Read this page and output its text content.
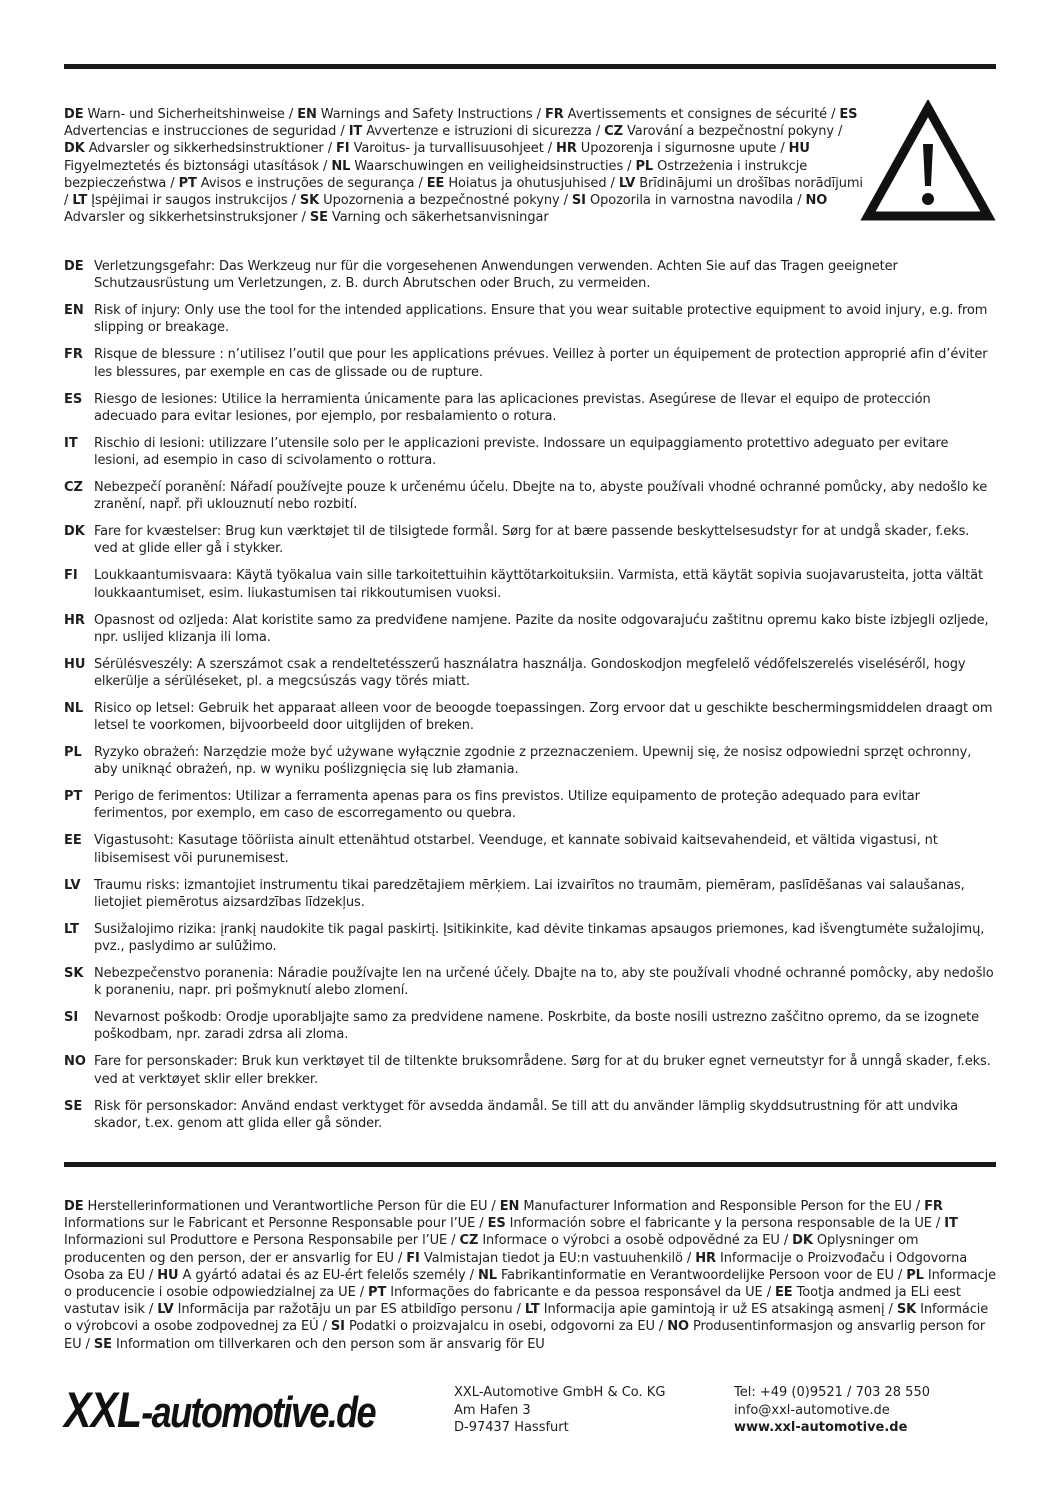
DE Warn- und Sicherheitshinweise / EN Warnings and Safety Instructions / FR Avertissements et consignes de sécurité / ES Advertencias e instrucciones de seguridad / IT Avvertenze e istruzioni di sicurezza / CZ Varování a bezpečnostní pokyny / DK Advarsler og sikkerhedsinstruktioner / FI Varoitus- ja turvallisuusohjeet / HR Upozorenja i sigurnosne upute / HU Figyelmeztetés és biztonsági utasítások / NL Waarschuwingen en veiligheidsinstructies / PL Ostrzeżenia i instrukcje bezpieczeństwa / PT Avisos e instruções de segurança / EE Hoiatus ja ohutusjuhised / LV Brīdinājumi un drošības norādījumi / LT Įspėjimai ir saugos instrukcijos / SK Upozornenia a bezpečnostné pokyny / SI Opozorila in varnostna navodila / NO Advarsler og sikkerhetsinstruksjoner / SE Varning och säkerhetsanvisningar
DE Verletzungsgefahr: Das Werkzeug nur für die vorgesehenen Anwendungen verwenden. Achten Sie auf das Tragen geeigneter Schutzausrüstung um Verletzungen, z. B. durch Abrutschen oder Bruch, zu vermeiden.
EN Risk of injury: Only use the tool for the intended applications. Ensure that you wear suitable protective equipment to avoid injury, e.g. from slipping or breakage.
FR Risque de blessure : n’utilisez l’outil que pour les applications prévues. Veillez à porter un équipement de protection approprié afin d’éviter les blessures, par exemple en cas de glissade ou de rupture.
ES Riesgo de lesiones: Utilice la herramienta únicamente para las aplicaciones previstas. Asegúrese de llevar el equipo de protección adecuado para evitar lesiones, por ejemplo, por resbalamiento o rotura.
IT	Rischio di lesioni: utilizzare l’utensile solo per le applicazioni previste. Indossare un equipaggiamento protettivo adeguato per evitare lesioni, ad esempio in caso di scivolamento o rottura.
CZ Nebezpečí poranění: Nářadí používejte pouze k určenému účelu. Dbejte na to, abyste používali vhodné ochranné pomůcky, aby nedošlo ke zranění, např. při uklouznutí nebo rozbití.
DK Fare for kvæstelser: Brug kun værktøjet til de tilsigtede formål. Sørg for at bære passende beskyttelsesudstyr for at undgå skader, f.eks. ved at glide eller gå i stykker.
FI	Loukkaantumisvaara: Käytä työkalua vain sille tarkoitettuihin käyttötarkoituksiin. Varmista, että käytät sopivia suojavarusteita, jotta vältät loukkaantumiset, esim. liukastumisen tai rikkoutumisen vuoksi.
HR Opasnost od ozljeda: Alat koristite samo za predviđene namjene. Pazite da nosite odgovarajuću zaštitnu opremu kako biste izbjegli ozljede, npr. uslijed klizanja ili loma.
HU Sérülésveszély: A szerszámot csak a rendeltetésszerű használatra használja. Gondoskodjon megfelelő védőfelszerelés viseléséről, hogy elkerülje a sérüléseket, pl. a megcsúszás vagy törés miatt.
NL Risico op letsel: Gebruik het apparaat alleen voor de beoogde toepassingen. Zorg ervoor dat u geschikte beschermingsmiddelen draagt om letsel te voorkomen, bijvoorbeeld door uitglijden of breken.
PL Ryzyko obrażeń: Narzędzie może być używane wyłącznie zgodnie z przeznaczeniem. Upewnij się, że nosisz odpowiedni sprzęt ochronny, aby uniknąć obrażeń, np. w wyniku poślizgnięcia się lub złamania.
PT Perigo de ferimentos: Utilizar a ferramenta apenas para os fins previstos. Utilize equipamento de proteção adequado para evitar ferimentos, por exemplo, em caso de escorregamento ou quebra.
EE Vigastusoht: Kasutage tööriista ainult ettenähtud otstarbel. Veenduge, et kannate sobivaid kaitsevahendeid, et vältida vigastusi, nt libisemisest või purunemisest.
LV	Traumu risks: izmantojiet instrumentu tikai paredzētajiem mērķiem. Lai izvairītos no traumām, piemēram, paslīdēšanas vai salaušanas, lietojiet piemērotus aizsardzības līdzekļus.
LT	Susižalojimo rizika: įrankį naudokite tik pagal paskirtį. Įsitikinkite, kad dėvite tinkamas apsaugos priemones, kad išvengtumėte sužalojimų, pvz., paslydimo ar sulūžimo.
SK Nebezpečenstvo poranenia: Náradie používajte len na určené účely. Dbajte na to, aby ste používali vhodné ochranné pomôcky, aby nedošlo k poraneniu, napr. pri pošmyknutí alebo zlomení.
SI	Nevarnost poškodb: Orodje uporabljajte samo za predvidene namene. Poskrbite, da boste nosili ustrezno zaščitno opremo, da se izognete poškodbam, npr. zaradi zdrsa ali zloma.
NO Fare for personskader: Bruk kun verktøyet til de tiltenkte bruksområdene. Sørg for at du bruker egnet verneutstyr for å unngå skader, f.eks. ved at verktøyet sklir eller brekker.
SE Risk för personskador: Använd endast verktyget för avsedda ändamål. Se till att du använder lämplig skyddsutrustning för att undvika skador, t.ex. genom att glida eller gå sönder.
DE Herstellerinformationen und Verantwortliche Person für die EU / EN Manufacturer Information and Responsible Person for the EU / FR Informations sur le Fabricant et Personne Responsable pour l’UE / ES Información sobre el fabricante y la persona responsable de la UE / IT Informazioni sul Produttore e Persona Responsabile per l’UE / CZ Informace o výrobci a osobě odpovědné za EU / DK Oplysninger om producenten og den person, der er ansvarlig for EU / FI Valmistajan tiedot ja EU:n vastuuhenkilö / HR Informacije o Proizvođaču i Odgovorna Osoba za EU / HU A gyártó adatai és az EU-ért felelős személy / NL Fabrikantinformatie en Verantwoordelijke Persoon voor de EU / PL Informacje o producencie i osobie odpowiedzialnej za UE / PT Informações do fabricante e da pessoa responsável da UE / EE Tootja andmed ja ELi eest vastutav isik / LV Informācija par ražotāju un par ES atbildīgo personu / LT Informacija apie gamintoją ir už ES atsakingą asmenį / SK Informácie o výrobcovi a osobe zodpovednej za EÚ / SI Podatki o proizvajalcu in osebi, odgovorni za EU / NO Produsentinformasjon og ansvarlig person for EU / SE Information om tillverkaren och den person som är ansvarig för EU
XXL-automotive.de	XXL-Automotive GmbH & Co. KG
Am Hafen 3
D-97437 Hassfurt
Tel: +49 (0)9521 / 703 28 550
info@xxl-automotive.de
www.xxl-automotive.de
